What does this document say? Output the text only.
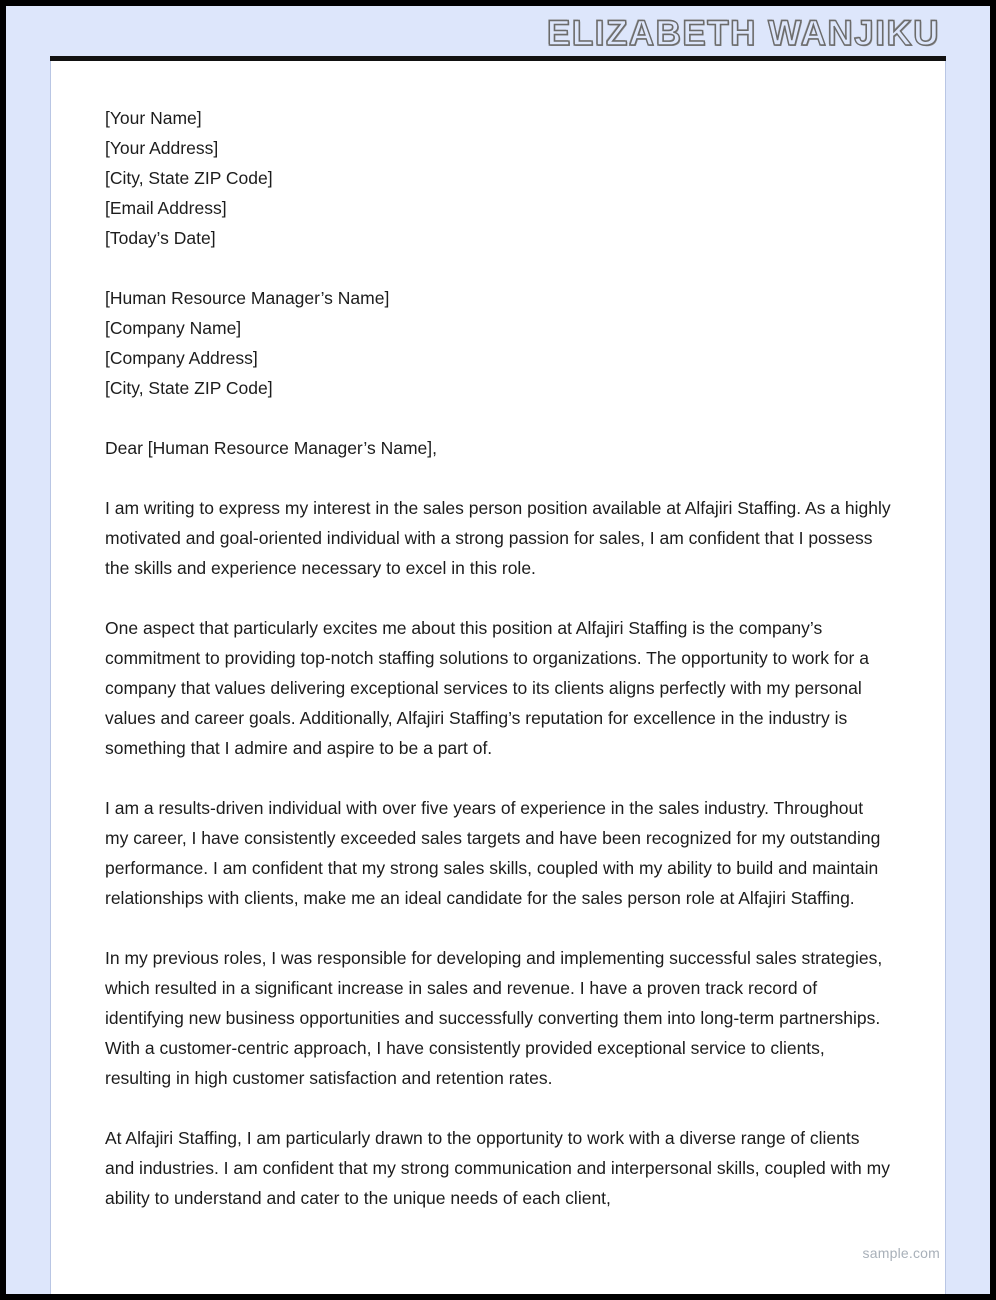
ELIZABETH WANJIKU
[Your Name]
[Your Address]
[City, State ZIP Code]
[Email Address]
[Today’s Date]
[Human Resource Manager’s Name]
[Company Name]
[Company Address]
[City, State ZIP Code]

Dear [Human Resource Manager’s Name],

I am writing to express my interest in the sales person position available at Alfajiri Staffing. As a highly motivated and goal-oriented individual with a strong passion for sales, I am confident that I possess the skills and experience necessary to excel in this role.

One aspect that particularly excites me about this position at Alfajiri Staffing is the company’s commitment to providing top-notch staffing solutions to organizations. The opportunity to work for a company that values delivering exceptional services to its clients aligns perfectly with my personal values and career goals. Additionally, Alfajiri Staffing’s reputation for excellence in the industry is something that I admire and aspire to be a part of.

I am a results-driven individual with over five years of experience in the sales industry. Throughout my career, I have consistently exceeded sales targets and have been recognized for my outstanding performance. I am confident that my strong sales skills, coupled with my ability to build and maintain relationships with clients, make me an ideal candidate for the sales person role at Alfajiri Staffing.

In my previous roles, I was responsible for developing and implementing successful sales strategies, which resulted in a significant increase in sales and revenue. I have a proven track record of identifying new business opportunities and successfully converting them into long-term partnerships. With a customer-centric approach, I have consistently provided exceptional service to clients, resulting in high customer satisfaction and retention rates.

At Alfajiri Staffing, I am particularly drawn to the opportunity to work with a diverse range of clients and industries. I am confident that my strong communication and interpersonal skills, coupled with my ability to understand and cater to the unique needs of each client,

sample.com
